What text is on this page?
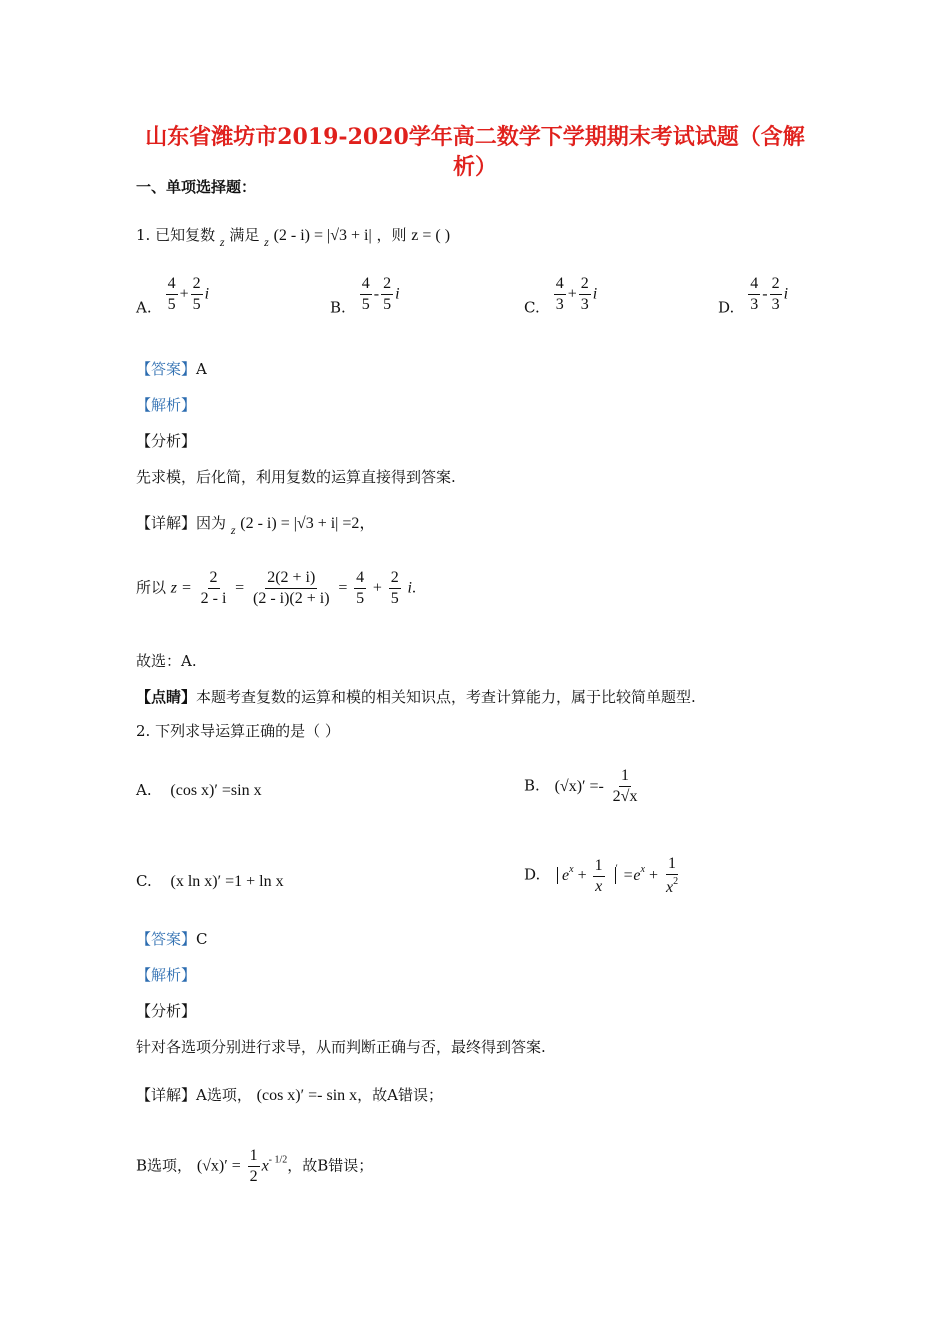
山东省潍坊市2019-2020学年高二数学下学期期末考试试题（含解
析）
一、单项选择题：
1. 已知复数 $_z$ 满足 $_z$ (2 - i) = |√3 + i| ，则 z = ( )
A. $\frac{4}{5} + \frac{2}{5}$ i
B. $\frac{4}{5} - \frac{2}{5}$ i
C. $\frac{4}{3} + \frac{2}{3}$ i
D. $\frac{4}{3} - \frac{2}{3}$ i
【答案】A
【解析】
【分析】
先求模，后化简，利用复数的运算直接得到答案.
【详解】因为 $_z$ (2 - i) = |√3 + i| =2，
所以 $z = \frac{2}{2 - i} = \frac{2(2 + i)}{(2 - i)(2 + i)} = \frac{4}{5} + \frac{2}{5} i$.
故选：A.
【点睛】本题考查复数的运算和模的相关知识点，考查计算能力，属于比较简单题型.
2. 下列求导运算正确的是（ ）
A. (cos x)′ =sin x	B. $(√x)' =- \frac{1}{2√x}$
C. (x ln x)′ =1 + ln x	D. $e^x + \frac{1}{x} ' =e^x + \frac{1}{x^2}$
【答案】C
【解析】
【分析】
针对各选项分别进行求导，从而判断正确与否，最终得到答案.
【详解】A选项， (cos x)′ =- sin x，故A错误；
B选项， $(√x)' = \frac{1}{2} x^{- 1/2}$，故B错误；
